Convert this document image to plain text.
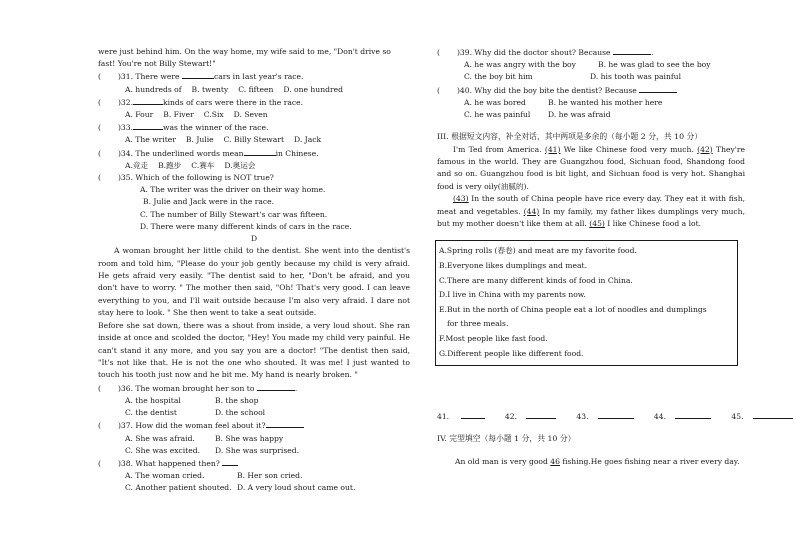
were just behind him. On the way home, my wife said to me, "Don't drive so
fast! You're not Billy Stewart!"
( )31. There were	cars in last year's race.
A. hundreds of B. twenty C. fifteen D. one hundred
( )32.	kinds of cars were there in the race.
A. Four B. Fiver C.Six D. Seven
( )33.	was the winner of the race.
A. The writer B. Julie C. Billy Stewart D. Jack
( )34. The underlined words mean	in Chinese.
A.竞走 B.跑步 C.赛车 D.奥运会
( )35. Which of the following is NOT true?
A. The writer was the driver on their way home.
B. Julie and Jack were in the race.
C. The number of Billy Stewart's car was fifteen.
D. There were many different kinds of cars in the race.
D
A woman brought her little child to the dentist. She went into the dentist's room and told him, "Please do your job gently because my child is very afraid. He gets afraid very easily. "The dentist said to her, "Don't be afraid, and you don't have to worry. " The mother then said, "Oh! That's very good. I can leave everything to you, and I'll wait outside because I'm also very afraid. I dare not stay here to look. " She then went to take a seat outside.
Before she sat down, there was a shout from inside, a very loud shout. She ran inside at once and scolded the doctor, "Hey! You made my child very painful. He can't stand it any more, and you say you are a doctor! "The dentist then said, "It's not like that. He is not the one who shouted. It was me! I just wanted to touch his tooth just now and he bit me. My hand is nearly broken. "
( )36. The woman brought her son to	.
A. the hospital	B. the shop
C. the dentist	D. the school
( )37. How did the woman feel about it?
A. She was afraid.	B. She was happy
C. She was excited. D. She was surprised.
( )38. What happened then?
A. The woman cried.	B. Her son cried.
C. Another patient shouted. D. A very loud shout came out.
( )39. Why did the doctor shout? Because	.
A. he was angry with the boy	B. he was glad to see the boy
C. the boy bit him	D. his tooth was painful
( )40. Why did the boy bite the dentist? Because
A. he was bored	B. he wanted his mother here
C. he was painful D. he was afraid
III. 根据短文内容，补全对话，其中两项是多余的（每小题 2 分，共 10 分）
I'm Ted from America. (41) We like Chinese food very much. (42) They're famous in the world. They are Guangzhou food, Sichuan food, Shandong food and so on. Guangzhou food is bit light, and Sichuan food is very hot. Shanghai food is very oily(油腻的).
(43) In the south of China people have rice every day. They eat it with fish, meat and vegetables. (44) In my family, my father likes dumplings very much, but my mother doesn't like them at all. (45) I like Chinese food a lot.
A.Spring rolls (春卷) and meat are my favorite food.
B.Everyone likes dumplings and meat.
C.There are many different kinds of food in China.
D.I live in China with my parents now.
E.But in the north of China people eat a lot of noodles and dumplings
for three meals.
F.Most people like fast food.
G.Different people like different food.
41.	42.	43.	44.	45.
IV. 完型填空（每小题 1 分，共 10 分）
An old man is very good 46 fishing.He goes fishing near a river every day.
